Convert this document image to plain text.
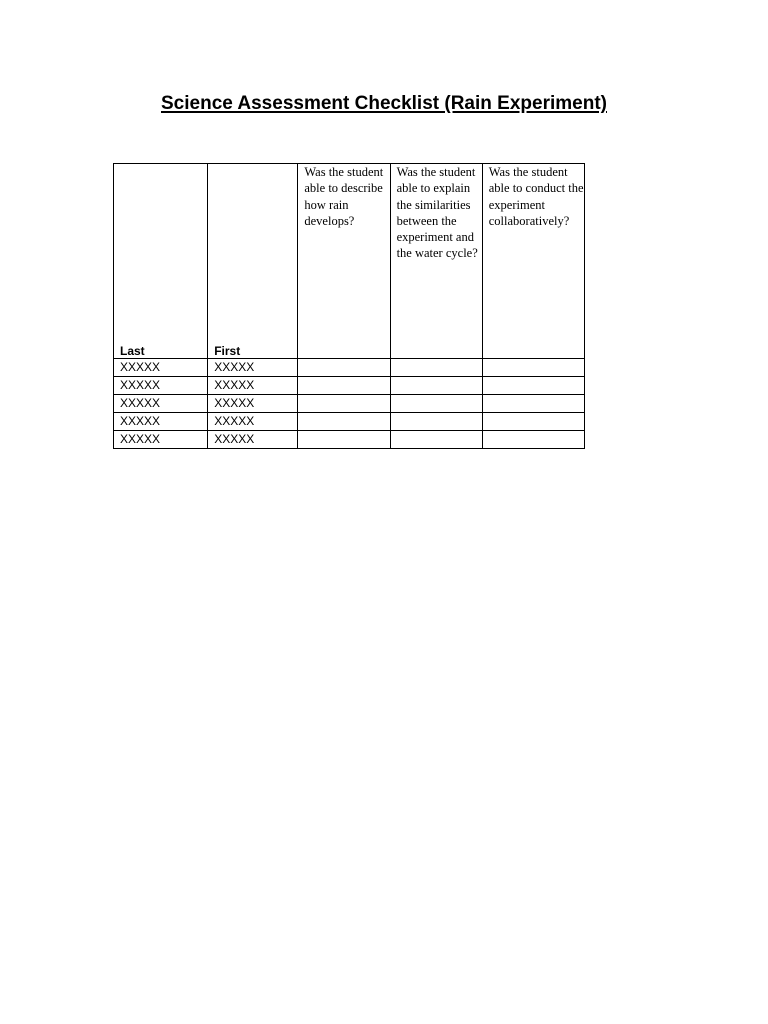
Science Assessment Checklist (Rain Experiment)
Last	First	Was the student able to describe how rain develops?	Was the student able to explain the similarities between the experiment and the water cycle?	Was the student able to conduct the experiment collaboratively?
XXXXX	XXXXX			
XXXXX	XXXXX			
XXXXX	XXXXX			
XXXXX	XXXXX			
XXXXX	XXXXX			
